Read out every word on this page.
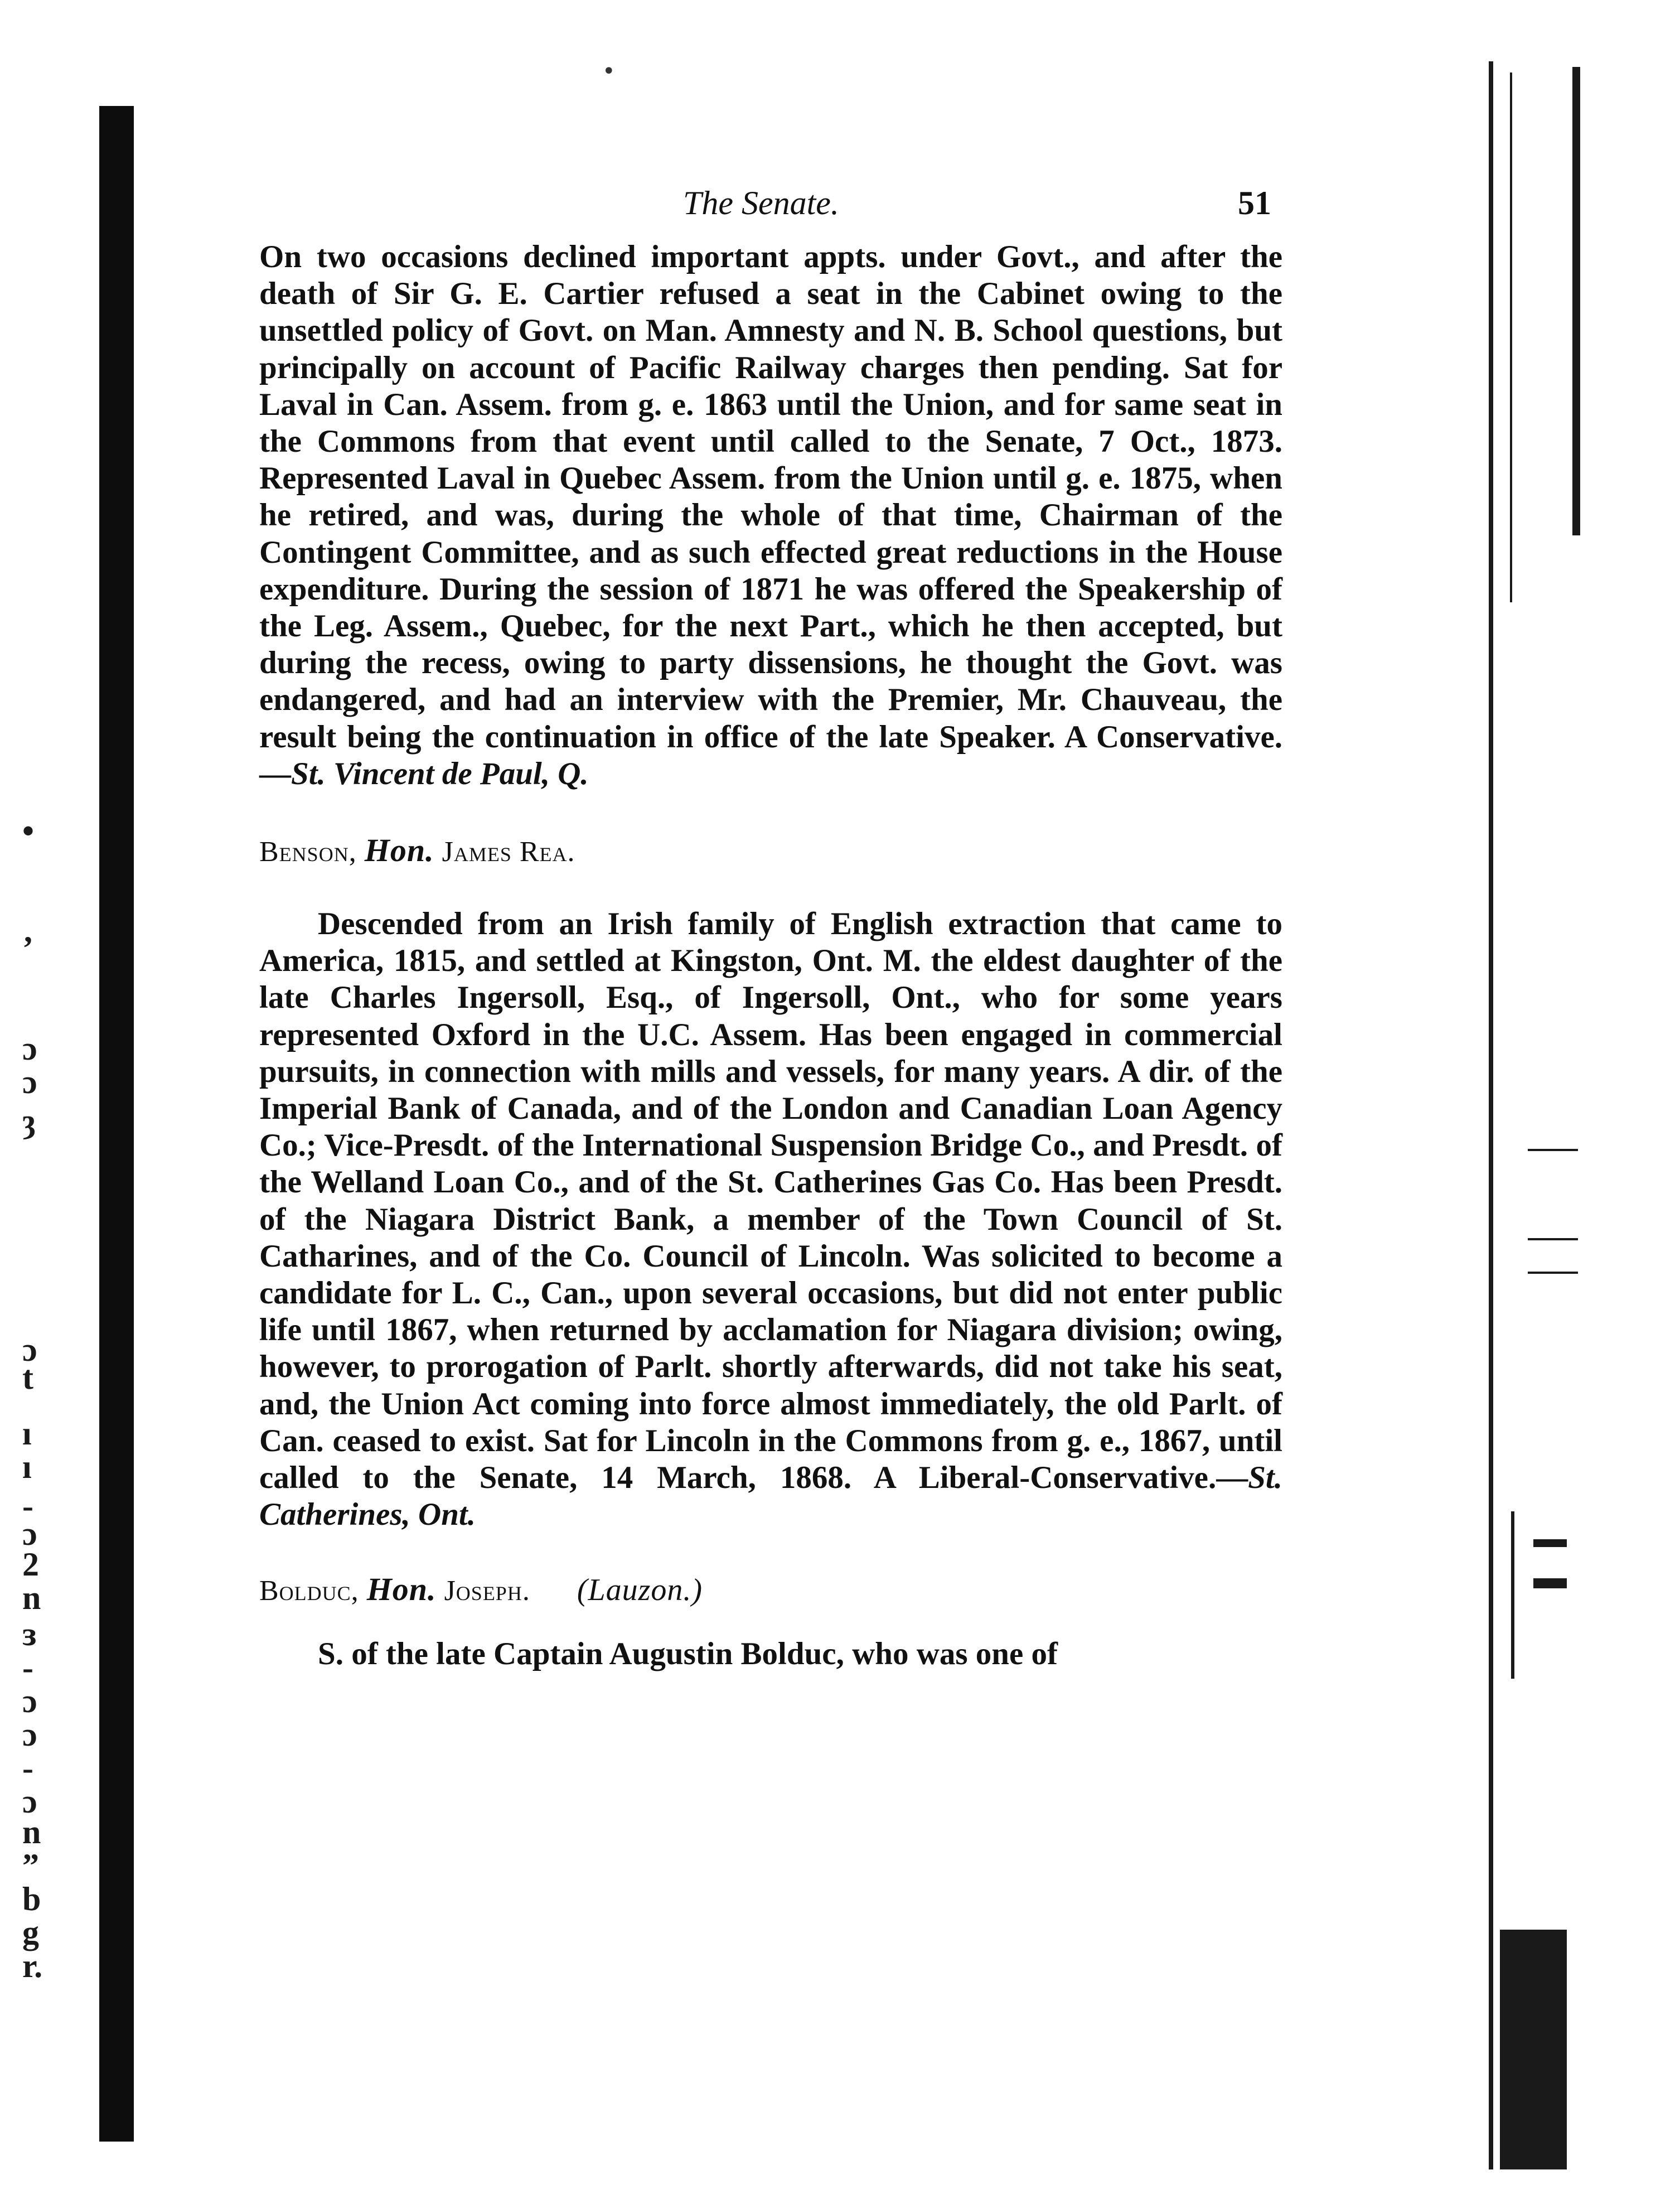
•
’
ɔ
ɔ
ȝ
ɔ
t
ı
ı
-
ɔ
2
n
ɜ
-
ɔ
ɔ
-
ɔ
n
”
b
g
r.
•
The Senate.	51

On two occasions declined important appts. under Govt., and after the death of Sir G. E. Cartier refused a seat in the Cabinet owing to the unsettled policy of Govt. on Man. Amnesty and N. B. School questions, but principally on account of Pacific Railway charges then pending. Sat for Laval in Can. Assem. from g. e. 1863 until the Union, and for same seat in the Commons from that event until called to the Senate, 7 Oct., 1873. Represented Laval in Quebec Assem. from the Union until g. e. 1875, when he retired, and was, during the whole of that time, Chairman of the Contingent Committee, and as such effected great reductions in the House expenditure. During the session of 1871 he was offered the Speakership of the Leg. Assem., Quebec, for the next Part., which he then accepted, but during the recess, owing to party dissensions, he thought the Govt. was endangered, and had an interview with the Premier, Mr. Chauveau, the result being the continuation in office of the late Speaker. A Conservative.—St. Vincent de Paul, Q.

Benson, Hon. James Rea.

Descended from an Irish family of English extraction that came to America, 1815, and settled at Kingston, Ont. M. the eldest daughter of the late Charles Ingersoll, Esq., of Ingersoll, Ont., who for some years represented Oxford in the U.C. Assem. Has been engaged in commercial pursuits, in connection with mills and vessels, for many years. A dir. of the Imperial Bank of Canada, and of the London and Canadian Loan Agency Co.; Vice-Presdt. of the International Suspension Bridge Co., and Presdt. of the Welland Loan Co., and of the St. Catherines Gas Co. Has been Presdt. of the Niagara District Bank, a member of the Town Council of St. Catharines, and of the Co. Council of Lincoln. Was solicited to become a candidate for L. C., Can., upon several occasions, but did not enter public life until 1867, when returned by acclamation for Niagara division; owing, however, to prorogation of Parlt. shortly afterwards, did not take his seat, and, the Union Act coming into force almost immediately, the old Parlt. of Can. ceased to exist. Sat for Lincoln in the Commons from g. e., 1867, until called to the Senate, 14 March, 1868. A Liberal-Conservative.—St. Catherines, Ont.

Bolduc, Hon. Joseph. (Lauzon.)

S. of the late Captain Augustin Bolduc, who was one of
